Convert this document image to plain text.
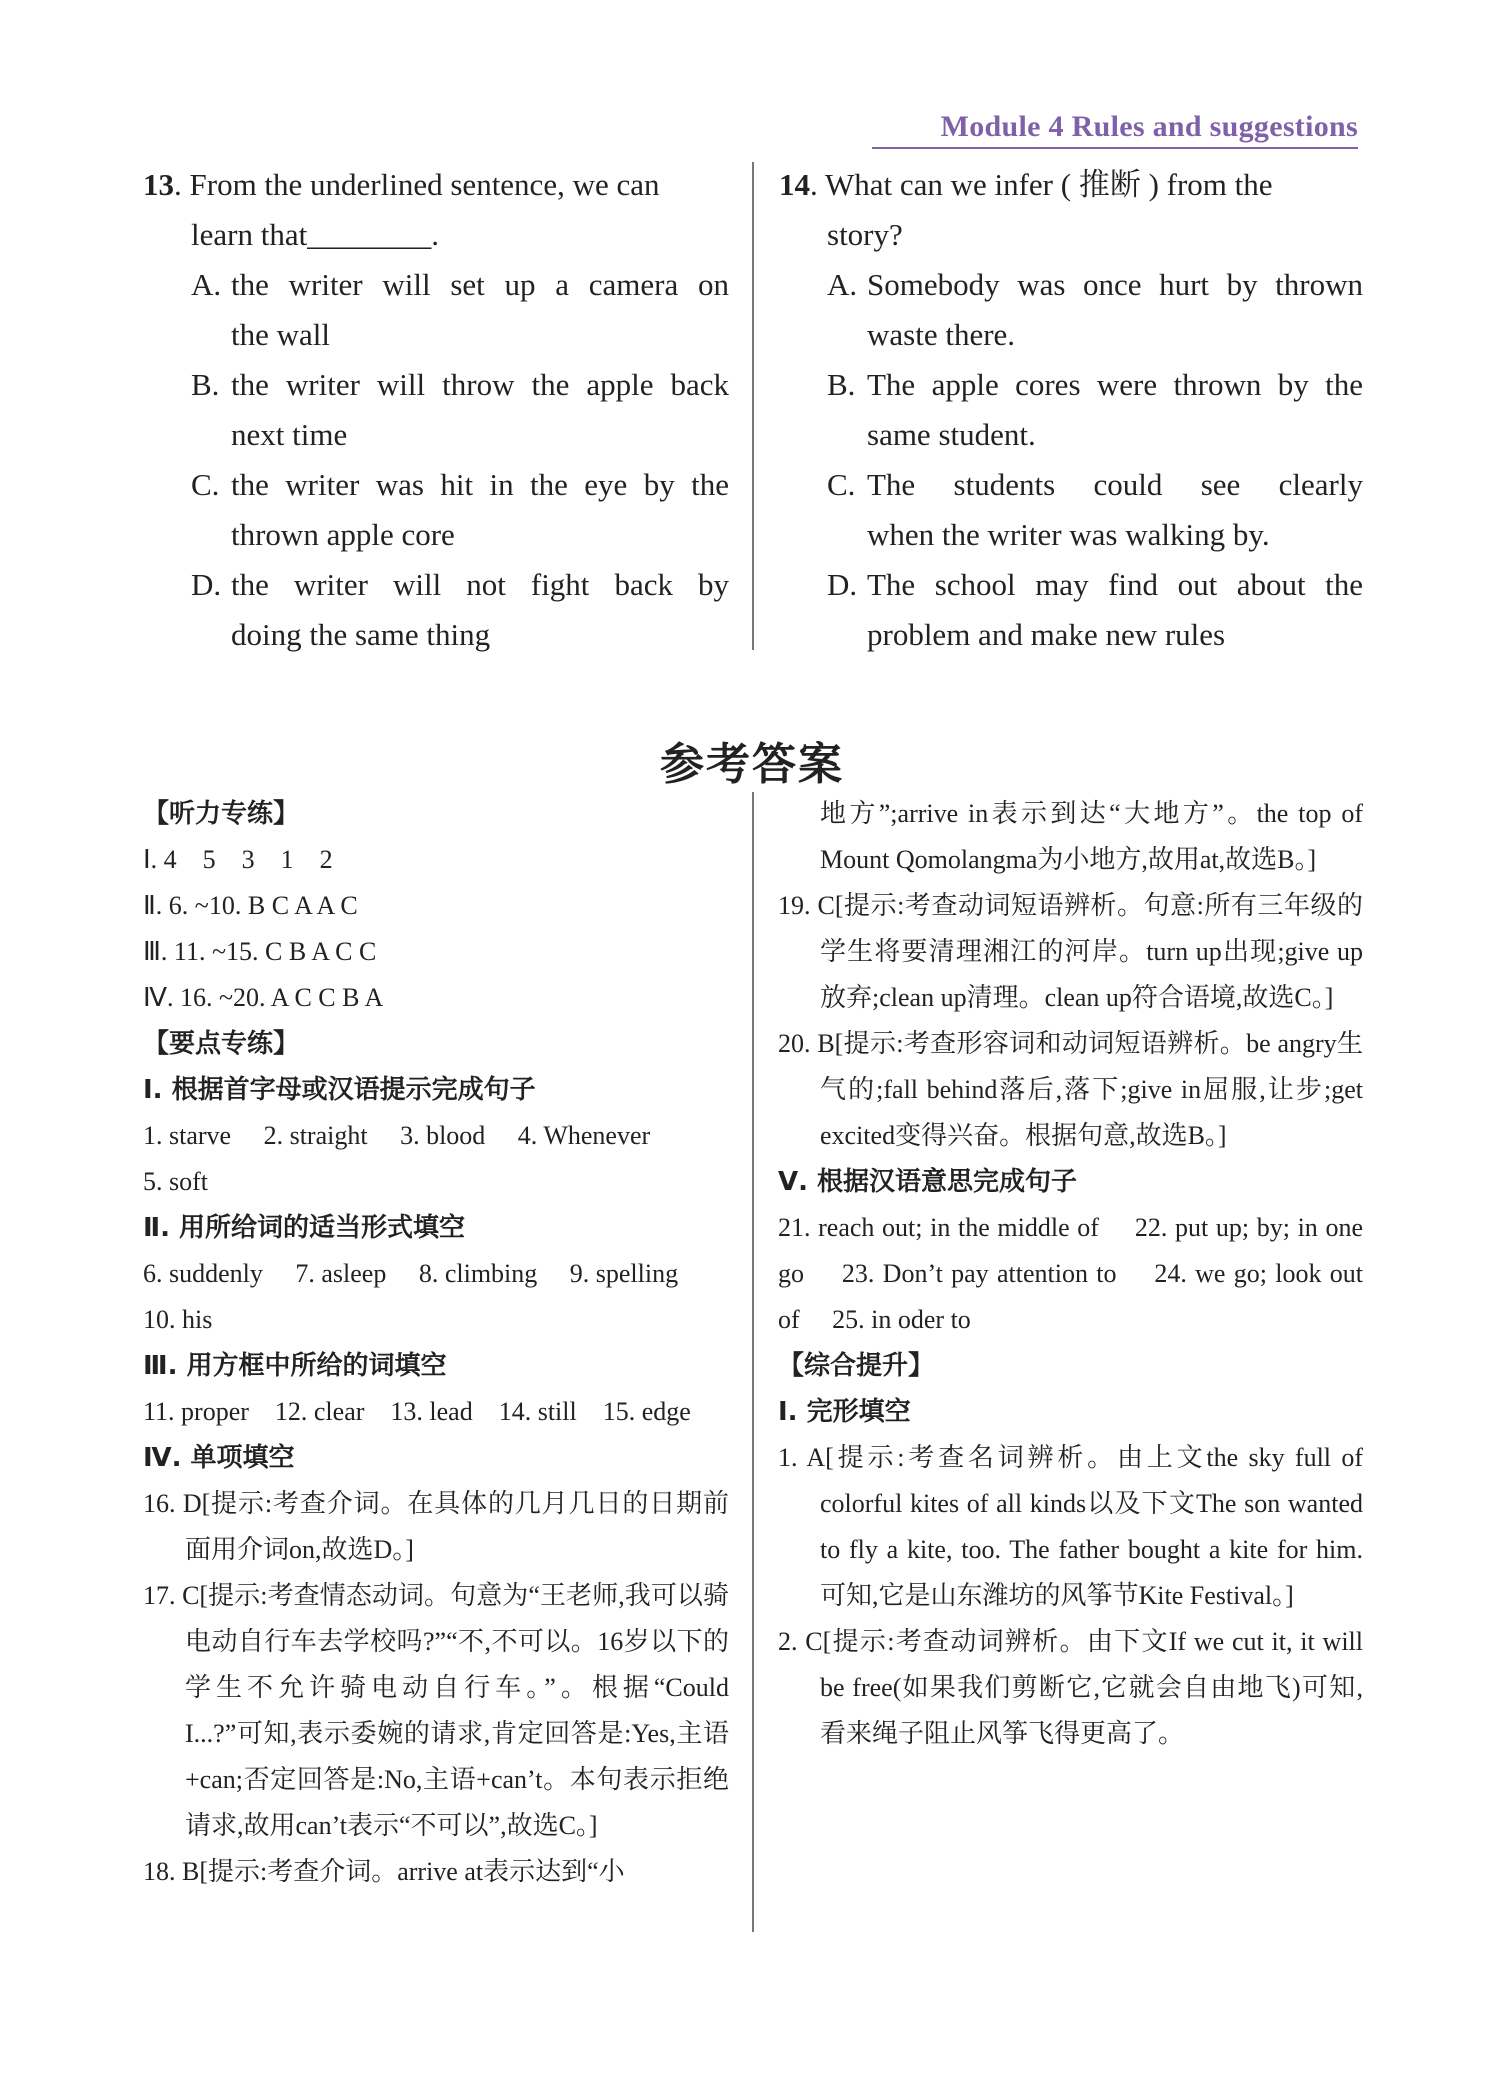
Module 4 Rules and suggestions
13. From the underlined sentence, we can
learn that________.
A. the writer will set up a camera on
the wall
B. the writer will throw the apple back
next time
C. the writer was hit in the eye by the
thrown apple core
D. the writer will not fight back by
doing the same thing
14. What can we infer ( 推断 ) from the
story?
A. Somebody was once hurt by thrown
waste there.
B. The apple cores were thrown by the
same student.
C. The students could see clearly
when the writer was walking by.
D. The school may find out about the
problem and make new rules
参考答案
【听力专练】
Ⅰ. 4　5　3　1　2
Ⅱ. 6. ~10. B C A A C
Ⅲ. 11. ~15. C B A C C
Ⅳ. 16. ~20. A C C B A
【要点专练】
Ⅰ. 根据首字母或汉语提示完成句子
1. starve　 2. straight　 3. blood　 4. Whenever
5. soft
Ⅱ. 用所给词的适当形式填空
6. suddenly　 7. asleep　 8. climbing　 9. spelling
10. his
Ⅲ. 用方框中所给的词填空
11. proper　12. clear　13. lead　14. still　15. edge
Ⅳ. 单项填空
16. D[提示:考查介词。在具体的几月几日的日期前面用介词on,故选D。]
17. C[提示:考查情态动词。句意为“王老师,我可以骑电动自行车去学校吗?”“不,不可以。16岁以下的学生不允许骑电动自行车。”。根据“Could I...?”可知,表示委婉的请求,肯定回答是:Yes,主语+can;否定回答是:No,主语+can’t。本句表示拒绝请求,故用can’t表示“不可以”,故选C。]
18. B[提示:考查介词。arrive at表示达到“小
地方”;arrive in表示到达“大地方”。the top of Mount Qomolangma为小地方,故用at,故选B。]
19. C[提示:考查动词短语辨析。句意:所有三年级的学生将要清理湘江的河岸。turn up出现;give up放弃;clean up清理。clean up符合语境,故选C。]
20. B[提示:考查形容词和动词短语辨析。be angry生气的;fall behind落后,落下;give in屈服,让步;get excited变得兴奋。根据句意,故选B。]
Ⅴ. 根据汉语意思完成句子
21. reach out; in the middle of　 22. put up; by; in one go　 23. Don’t pay attention to　 24. we go; look out of　 25. in oder to
【综合提升】
Ⅰ. 完形填空
1. A[提示:考查名词辨析。由上文the sky full of colorful kites of all kinds以及下文The son wanted to fly a kite, too. The father bought a kite for him. 可知,它是山东潍坊的风筝节Kite Festival。]
2. C[提示:考查动词辨析。由下文If we cut it, it will be free(如果我们剪断它,它就会自由地飞)可知,看来绳子阻止风筝飞得更高了。
